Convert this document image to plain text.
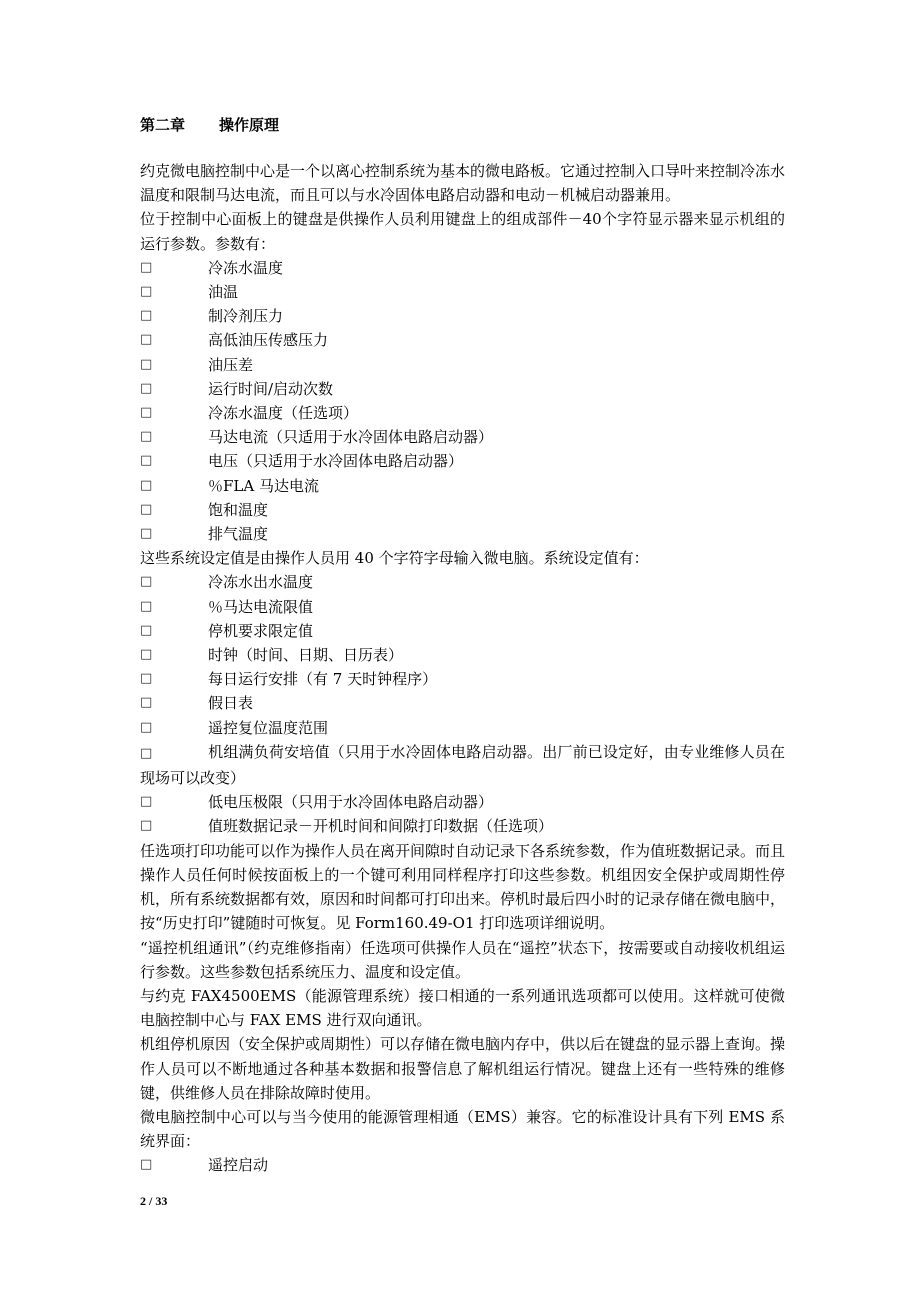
第二章 操作原理

约克微电脑控制中心是一个以离心控制系统为基本的微电路板。它通过控制入口导叶来控制冷冻水温度和限制马达电流，而且可以与水冷固体电路启动器和电动－机械启动器兼用。

位于控制中心面板上的键盘是供操作人员利用键盘上的组成部件－40个字符显示器来显示机组的运行参数。参数有：

□	冷冻水温度
□	油温
□	制冷剂压力
□	高低油压传感压力
□	油压差
□	运行时间/启动次数
□	冷冻水温度（任选项）
□	马达电流（只适用于水冷固体电路启动器）
□	电压（只适用于水冷固体电路启动器）
□	％FLA 马达电流
□	饱和温度
□	排气温度

这些系统设定值是由操作人员用 40 个字符字母输入微电脑。系统设定值有：

□	冷冻水出水温度
□	％马达电流限值
□	停机要求限定值
□	时钟（时间、日期、日历表）
□	每日运行安排（有 7 天时钟程序）
□	假日表
□	遥控复位温度范围

□	机组满负荷安培值（只用于水冷固体电路启动器。出厂前已设定好，由专业维修人员在现场可以改变）

□	低电压极限（只用于水冷固体电路启动器）
□	值班数据记录－开机时间和间隙打印数据（任选项）

任选项打印功能可以作为操作人员在离开间隙时自动记录下各系统参数，作为值班数据记录。而且操作人员任何时候按面板上的一个键可利用同样程序打印这些参数。机组因安全保护或周期性停机，所有系统数据都有效，原因和时间都可打印出来。停机时最后四小时的记录存储在微电脑中，按“历史打印”键随时可恢复。见 Form160.49-O1 打印选项详细说明。

“遥控机组通讯”（约克维修指南）任选项可供操作人员在“遥控”状态下，按需要或自动接收机组运行参数。这些参数包括系统压力、温度和设定值。

与约克 FAX4500EMS（能源管理系统）接口相通的一系列通讯选项都可以使用。这样就可使微电脑控制中心与 FAX EMS 进行双向通讯。

机组停机原因（安全保护或周期性）可以存储在微电脑内存中，供以后在键盘的显示器上查询。操作人员可以不断地通过各种基本数据和报警信息了解机组运行情况。键盘上还有一些特殊的维修键，供维修人员在排除故障时使用。

微电脑控制中心可以与当今使用的能源管理相通（EMS）兼容。它的标准设计具有下列 EMS 系统界面：

□	遥控启动
2 / 33
